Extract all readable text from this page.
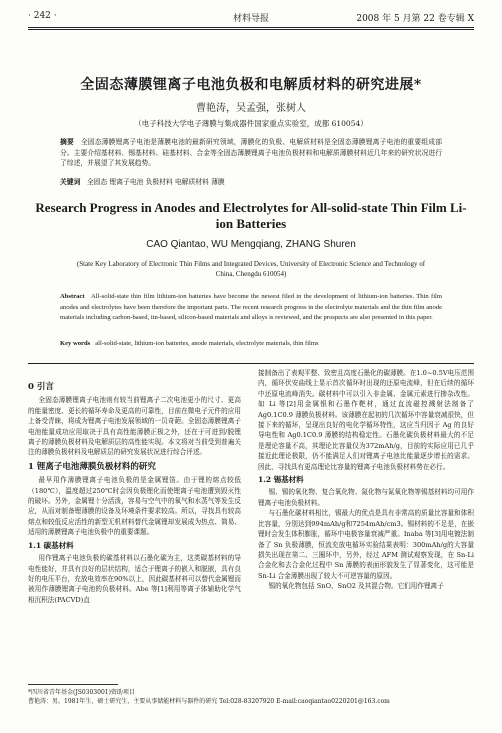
· 242 ·	材料导报	2008 年 5 月第 22 卷专辑 Ⅹ
全固态薄膜锂离子电池负极和电解质材料的研究进展*
曹艳涛，吴孟强，张树人
（电子科技大学电子薄膜与集成器件国家重点实验室，成都 610054）
摘要 全固态薄膜锂离子电池是薄膜电池的最新研究领域，薄膜化的负极、电解质材料是全固态薄膜锂离子电池的重要组成部分。主要介绍基材料、锡基材料、硅基材料、合金等全固态薄膜锂离子电池负极材料和电解质薄膜材料近几年来的研究状况进行了综述，并展望了其发展趋势。
关键词 全固态 锂离子电池 负极材料 电解质材料 薄膜
Research Progress in Anodes and Electrolytes for All-solid-state Thin Film Li-ion Batteries
CAO Qiantao, WU Mengqiang, ZHANG Shuren
(State Key Laboratory of Electronic Thin Films and Integrated Devices, University of Electronic Science and Technology of China, Chengdu 610054)
Abstract All-solid-state thin film lithium-ion batteries have become the newest filed in the development of lithium-ion batteries. Thin film anodes and electrolytes have been therefore the important parts. The recent research progress in the electrolyte materials and the thin film anode materials including carbon-based, tin-based, silicon-based materials and alloys is reviewed, and the prospects are also presented in this paper.
Key words all-solid-state, lithium-ion batteries, anode materials, electrolyte materials, thin films
0 引言

全固态薄膜锂离子电池则有较当前锂离子二次电池更小的尺寸、更高的能量密度、更长的循环寿命及更高的可靠性，目前在微电子元件的应用上备受青睐，将成为锂离子电池发展领域的一员奇葩。全固态薄膜锂离子电池能量成功应用取决于具有高性能薄膜正极之外，还在于可进到/脱锂离子的薄膜负极材料及电解质层的高性能实现。本文将对当前受到普遍关注的薄膜负极材料及电解质层的研究发展状况进行综合评述。

1 锂离子电池薄膜负极材料的研究

最早用作薄膜锂离子电池负极的是金属锂箔。由于锂的熔点较低（180℃），温度超过250℃时会因负极锂化而使锂离子电池遭到毁灭性的破坏。另外，金属锂十分活泼，容易与空气中的氧气和水蒸气等发生反应，从而对制备锂薄膜的设备及环境条件要求较高。所以，寻找具有较高熔点和较低反应活性的新型无机材料替代金属锂却发展成为热点、简易、适用的薄膜锂离子电池负极中的重要课题。

1.1 碳基材料

用作锂离子电池负极的碳基材料以石墨化碳为主，这类碳基材料的导电性能好，并具有良好的层状结构，适合于锂离子的嵌入和脱嵌，具有良好的电压平台，充放电效率在90%以上，因此碳基材料可以替代金属锂而被用作薄膜锂离子电池的负极材料。Abe 等[1]利用等离子体辅助化学气相沉积法(PACVD)直

接制备出了表观平整、致密且高度石墨化的碳薄膜。在1.0~0.5V电压范围内，循环伏安曲线上显示首次循环时出现的还原电流峰，但在后续的循环中还原电流峰消失。碳材料中可以引入非金属、金属元素进行掺杂改性。如 Li 等[2]用金属银和石墨作靶材，通过直流磁控溅射法制备了 Ag0.1C0.9 薄膜负极材料。该薄膜在起初的几次循环中容量衰减很快，但接下来的循环，呈现出良好的电化学循环特性，这应当归因于 Ag 的良好导电性和 Ag0.1C0.9 薄膜的结构稳定性。石墨化碳负极材料最大的不足是理论容量不高，其理论比容量仅为372mAh/g，目前的实际应用已几乎接近此理论极限，仍不能满足人们对锂离子电池比能量逐步增长的需求。因此，寻找具有更高理论比容量的锂离子电池负极材料势在必行。

1.2 锡基材料

锡、锡的氧化物、复合氧化物、氮化物与氮氧化物等锡基材料均可用作锂离子电池负极材料。

与石墨化碳材料相比，锡最大的优点是具有非常高的质量比容量和体积比容量，分别达到994mAh/g和7254mAh/cm3。锡材料的不足是，在嵌锂时会发生体积膨胀，循环中电极容量衰减严重。Inaba 等[3]用电镀法制备了 Sn 负极薄膜，恒流充放电循环实验结果表明：300mAh/g的大容量损失出现在第二、三圈环中，另外，经过 AFM 测试观察发现，在 Sn-Li 合金化和去合金化过程中 Sn 薄膜的表面形貌发生了显著变化，这可能是 Sn-Li 合金薄膜出现了较大不可逆容量的原因。

锡的氧化物包括 SnO、SnO2 及其混合物。它们用作锂离子

*四川省青年基金(JS0303001)资助项目
曹艳涛：男，1981年生，硕士研究生，主要从事储能材料与器件的研究 Tel:028-83207920 E-mail:caoqiantao0220201@163.com
